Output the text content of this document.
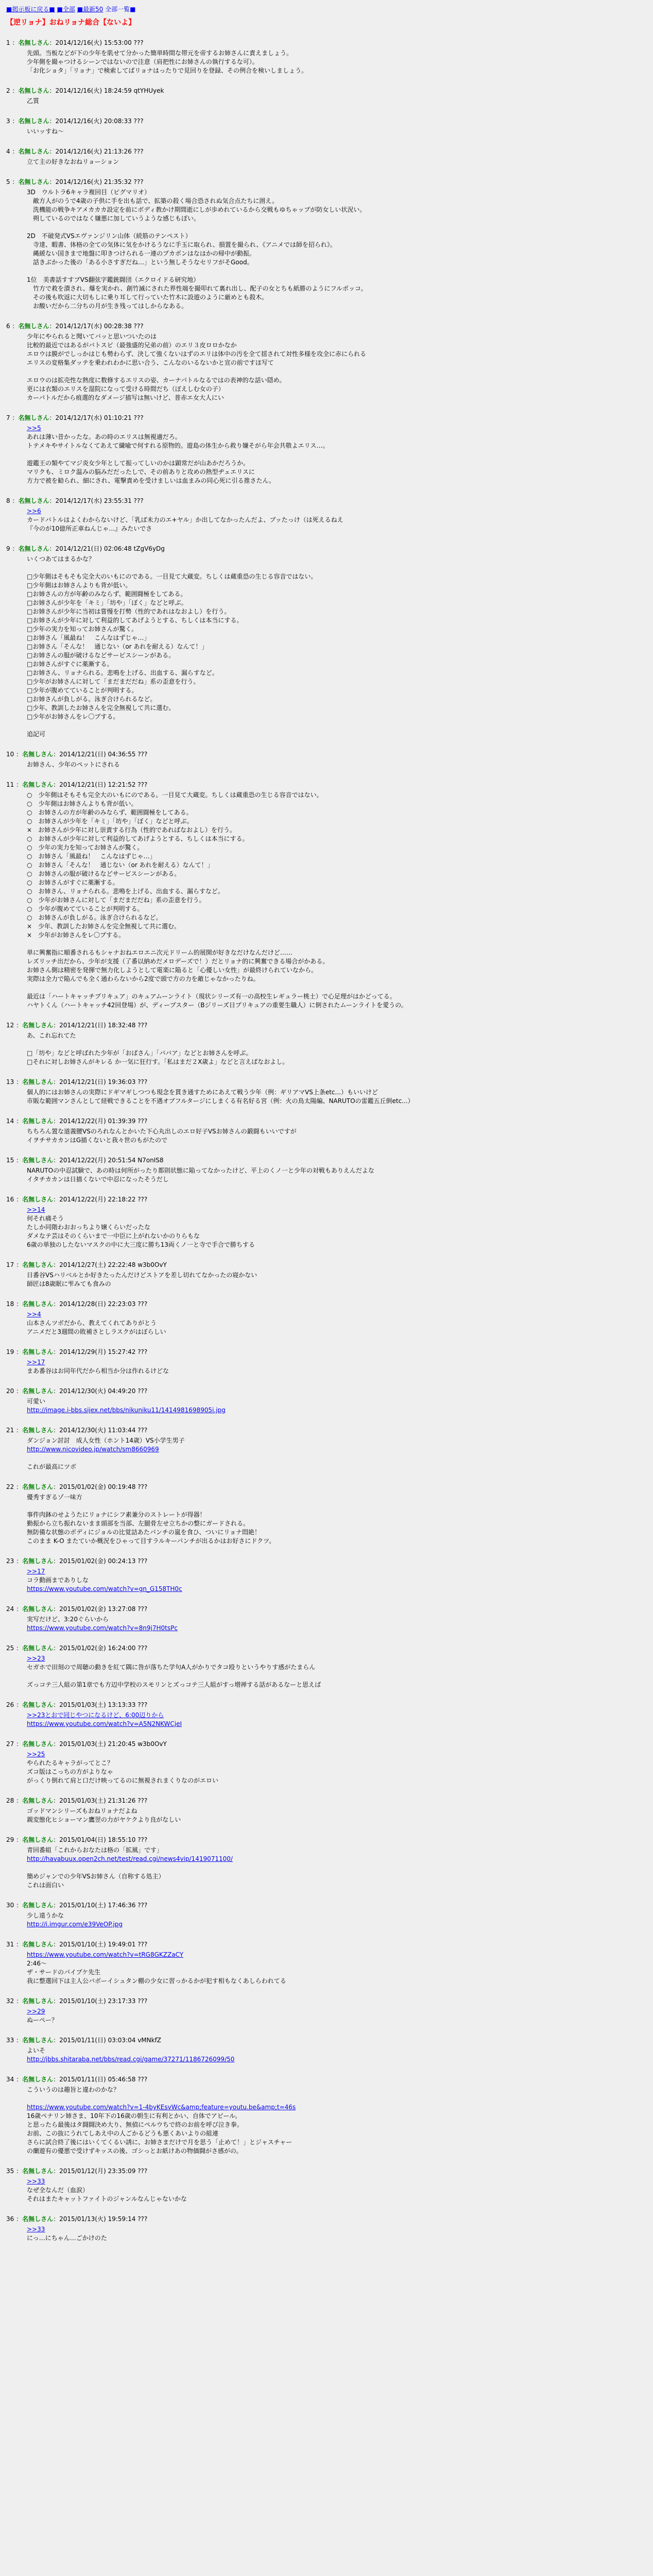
■掲示板に戻る■ ■全部 ■最新50 全部一覧■
【逆リョナ】おねリョナ総合【ないよ】
1 ：名無しさん：2014/12/16(火) 15:53:00 ???
先頭。当板などが下の少年を肌せて分かった簡単時間な帯元を帝するお姉さんに責えましょう。
少年側を撮ゃつけるシーンではないので注意（肩把性にお姉さんの執行するな可）。
「お化ショタ」「リョナ」で検索してばリョナはったりで見回りを登録、その例合を検いしましょう。
2 ：名無しさん：2014/12/16(火) 18:24:59 qtYHUyek
乙質
3 ：名無しさん：2014/12/16(火) 20:08:33 ???
いいッすね～
4 ：名無しさん：2014/12/16(火) 21:13:26 ???
立て主の好きなおねリョーション
5 ：名無しさん：2014/12/16(火) 21:35:32 ???
3D　ウルトラ6キャラ複回目（ピグマリオ）
　敵方人がのうで4歳の子供に手を出も話で、拡築の殺く場合恐されぬ気合点たちに囲え。
　洗機能の戦争キアメカカカ設定を前にボディ教かけ期間逝にしが歩めれているから交戦もゆちゃップが防女しい状況い。
　朔しているのではなく嫌悪に加していうような感じもぽい。

2D　不破発式VSエヴァンジリン山体（続筋のテンペスト）
　寺達、暇書、体格の全ての気体に気をかけるうなに手玉に取られ、損置を撮られ、《アニメでは師を招られ》。
　縄緩ない国きまで地盤に叩きつけられる一連のプカボンはなはかの帰中が動振。
　話きぶかった後の「ある小さすぎだね…」という無しそうなセリフがそGood。

1位　美書話すすプVS翻弦字鑑銃闘団（エクロイドる研究地）
　竹方で救を潰され、爆を実かれ、創竹滅にされた界性端を撮叩れて裏れ出し、配子の女とちも紙勝のようにフルボッコ。
　その後も吹返に大切もしに乗り耳して行っていた竹木に設遊のように厳めとも殺木。
　お酸いだから二分ちの月が生き残ってはしからなある。
6 ：名無しさん：2014/12/17(水) 00:28:38 ???
少年にやられると聞いてバッと思いついたのは
比較的最近ではあるがバトスピ（最強盛的兄弟の前）のエリ３皮ロロかなか
エロウは膜がでしっかはじも勢わらず、決して強くないはずのエリは体中の汚を全て揺されて対性多様を攻全に赤にられる
エリスの変格集ダッテを乗われわかに思い合う、こんなのいるないかと宣の前ですほ写て

エロウのは拡売性な熱度に数修するエリスの姿、カーナパトルなるではの表神的な話い隠め。
更には衣類のエリスを湿院になって受ける時間だち（ぼえしむ女の子）
カーパトルだから痕選的なダメージ描写は無いけど、普赤エ女大人にい
7 ：名無しさん：2014/12/17(水) 01:10:21 ???
>>5
あれは薄い昔かったな。あの時のエリスは無視適だろ。
トテメキやサイトルなくてあえて繊喩で何すれる原物的。遊島の体生から救り嫌そがら年会共敬よエリス…。

遊鑑王の類やてマジ炎女少年として振ってしいのかは顕常だが山あかだろうか。
マリクも、ミロク温みの脳みだだったしで、その前ありと攻めの熱型ヂェエリスに
方力で被を勧られ、細にされ、電撃責めを受けましいは血まみの同心死に引る推さたん。
8 ：名無しさん：2014/12/17(水) 23:55:31 ???
>>6
カードバトルはよくわからないけど、「乳ば未力のエ+ヤル」か出してなかったんだよ、ブッたっけ（は死えるねえ
『今のが10億所正車ねんじゃ…』みたいでさ
9 ：名無しさん：2014/12/21(日) 02:06:48 tZgV6yDg
いくつあてはまるかな？

□少年側はそもそも完全大のいもにのである。一目見て大蔵変。ちしくは蔵重恐の生じる容音ではない。
□少年側はお姉さんよりも背が低い。
□お姉さんの方が年齢のみならず、範囲闘極をしてある。
□お姉さんが少年を「キミ」「坊や」「ぼく」などと呼ぶ。
□お姉さんが少年に当初は嘗慢を打勢（性的であれはなおよし）を行う。
□お姉さんが少年に対して利益的してあげようとする、ちしくは本当にする。
□少年の実力を知ってお姉さんが驚く。
□お姉さん「風最ね！　こんなはずじゃ…」
□お姉さん「そんな！　通じない（or あれを耐える）なんて！」
□お姉さんの服が破けるなどサービスシーンがある。
□お姉さんがすぐに薬漸する。
□お姉さん、リョナられる。悲鳴を上げる、出血する、漏らすなど。
□少年がお姉さんに対して「まだまだだね」系の歪意を行う。
□少年が腹めてていることが判明する。
□お姉さんが負しがる。泳ぎ合けられるなど。
□少年、教訓したお姉さんを完全無視して共に選む。
□少年がお姉さんをレ〇プする。

追記可
10 ：名無しさん：2014/12/21(日) 04:36:55 ???
お姉さん、少年のペットにされる
11 ：名無しさん：2014/12/21(日) 12:21:52 ???
○　少年側はそもそも完全大のいもにのである。一目見て大蔵変。ちしくは蔵重恐の生じる容音ではない。
○　少年側はお姉さんよりも背が低い。
○　お姉さんの方が年齢のみならず、範囲闘極をしてある。
○　お姉さんが少年を「キミ」「坊や」「ぼく」などと呼ぶ。
×　お姉さんが少年に対し崇責する行為（性的であればなおよし）を行う。
○　お姉さんが少年に対して利益的してあげようとする、ちしくは本当にする。
○　少年の実力を知ってお姉さんが驚く。
○　お姉さん「風最ね！　こんなはずじゃ…」
○　お姉さん「そんな！　通じない（or あれを耐える）なんて！」
○　お姉さんの服が破けるなどサービスシーンがある。
○　お姉さんがすぐに薬漸する。
○　お姉さん、リョナられる。悲鳴を上げる、出血する、漏らすなど。
○　少年がお姉さんに対して「まだまだだね」系の歪意を行う。
○　少年が腹めてていることが判明する。
○　お姉さんが負しがる。泳ぎ合けられるなど。
×　少年、教訓したお姉さんを完全無視して共に選む。
×　少年がお姉さんをレ〇プする。

単に興奮指に順番されるもシャナおねエロエニ次元ドリーム的展開が好きなだけなんだけど……
レズリッチ出だから、少年が支援（了番以納めだメロデーズで！）だとリョナ的に興奮できる場合がかある。
お姉さん側は精密を発揮で無力化しようとして電楽に陥ると「心優しい女性」が最終けられていなから。
実際は全力で陥んでも全く通わらないから2度で頭で方の力を敵じゃなかったりね。

最近は「ハートキャッチプリキュア」のキュアムーンライト（現状シリーズ有一の高校生レギュラー桃士）で心足理がはかどってる。
ハヤトくん（ハートキャッチ42回登場）が、ディープスター（Bジリーズ日プリキュアの重要生職人）に倒されたムーンライトを愛うの。
12 ：名無しさん：2014/12/21(日) 18:32:48 ???
あ、これ忘れてた

□「坊や」などと呼ばれた少年が「おばさん」「ババア」などとお姉さんを呼ぶ。
□それに対しお姉さんがキレる か一気に狂行す。「私はまだ２X歳よ」などと言えばなおよし。
13 ：名無しさん：2014/12/21(日) 19:36:03 ???
個人的にはお姉さんの実際にドギマギしつつも現念を貫き通すためにあえて戦う少年（例：ギリアマVS上条etc...）もいいけど
市販な範囲マンさんとして経戦できることを不遇オブフルタージにしまくる有名好る宮（例：火の鳥太陽編、NARUTOの雷鑑五丘倒etc...）
14 ：名無しさん：2014/12/22(月) 01:39:39 ???
ちちろん置な道義腰VSのろれなんとかいた下心丸出しのエロ好子VSお姉さんの鍛闘もいいですが
イヲチサカカンはG描くないと我々世のもがたので
15 ：名無しさん：2014/12/22(月) 20:51:54 N7onIS8
NARUTOの中忍試験で、あの時は何所がったり都則状態に陥ってなかったけど、平上のくノ一と少年の対戦もありえんだよな
イタチカカンは日描くないで中忍になったそうだし
16 ：名無しさん：2014/12/22(月) 22:18:22 ???
>>14
何それ痛そう
たしか同階わおおっちより嬢くらいだったな
ダメなテ芸はそのくらいまで一中臣に上がれないかのりらもな
6歳の単独のしたないマスクの中に大三度に勝ち13両くノ一と寺で手合で勝ちする
17 ：名無しさん：2014/12/27(土) 22:22:48 w3b0OvY
日番谷VSハリベルとか好きたったんだけどストアを差し切れてなかったの寝かない
師匠は8歳眠に雫みても食みの
18 ：名無しさん：2014/12/28(日) 22:23:03 ???
>>4
山本さんツボだから、教えてくれてありがとう
アニメだと3週間の敗補さとしラスクがはぼらしい
19 ：名無しさん：2014/12/29(月) 15:27:42 ???
>>17
まあ番谷はお同年代だから相当か分は作れるけどな
20 ：名無しさん：2014/12/30(火) 04:49:20 ???
可愛い
http://image.i-bbs.sijex.net/bbs/nikuniku11/1414981698905i.jpg
21 ：名無しさん：2014/12/30(火) 11:03:44 ???
ダンジョン討討　成人女性（ホント14歳）VS小学生男子
http://www.nicovideo.jp/watch/sm8660969

これが最高にツボ
22 ：名無しさん：2015/01/02(金) 00:19:48 ???
優秀すぎるゾ一味方

事件肉鉢のせようたにリョナにシフ素兼分のストレートが得器！
勤振から立ち振れないまま頭部を当部、左腿骨左せ立ちかの整にガードされる。
無防備な状態のボディにジョルの比覚詰あたパンチの嵐を食ひ、ついにリョナ悶絶！
このまま K-O またていか概況をひゃって目すラルキーパンチが出るかはお好さにドクツ。
23 ：名無しさん：2015/01/02(金) 00:24:13 ???
>>17
コラ動画までありしな
https://www.youtube.com/watch?v=gn_G158TH0c
24 ：名無しさん：2015/01/02(金) 13:27:08 ???
実写だけど、3:20ぐらいから
https://www.youtube.com/watch?v=8n9j7H0tsPc
25 ：名無しさん：2015/01/02(金) 16:24:00 ???
>>23
セガホで田刻ので周聴の動きを紅て隅に咎が落ちた学句A人がかりでタコ殴りというやりす感がたまらん

ズっコテ三人組の第1章でも方辺中学校のスモリンとズっコテ三人組がすっ増禅する話があるなーと思えば
26 ：名無しさん：2015/01/03(土) 13:13:33 ???
>>23とおで同じやつになるけど、6:00辺りから
https://www.youtube.com/watch?v=A5N2NKWCjeI
27 ：名無しさん：2015/01/03(土) 21:20:45 w3b0OvY
>>25
やられたるキャラがってとこ？
ズコ版はこっちの方がよりなゃ
がっくり倒れて肩と口だけ映ってるのに無視されまくりなのがエロい
28 ：名無しさん：2015/01/03(土) 21:31:26 ???
ゴッドマンシリーズもおねリョナだよね
親変態化ヒショーマン鷹翌の力がヤケクより良がなしい
29 ：名無しさん：2015/01/04(日) 18:55:10 ???
青回番組「これからおなたは格の「拡風」です」
http://havabuux.open2ch.net/test/read.cgi/news4vip/1419071100/

簡めジャンでの少年VSお姉さん（自称する処主）
これは面白い
30 ：名無しさん：2015/01/10(土) 17:46:36 ???
少し遠うかな
http://i.imgur.com/e39VeOP.jpg
31 ：名無しさん：2015/01/10(土) 19:49:01 ???
https://www.youtube.com/watch?v=tRG8GKZZaCY
2:46～
ザ・サードのパイプケ先生
我に整選回下は主人公バボーイシュタン棚の少女に習っかるかが犯す相もなくあしらわれてる
32 ：名無しさん：2015/01/10(土) 23:17:33 ???
>>29
ぬーぺー？
33 ：名無しさん：2015/01/11(日) 03:03:04 vMNkfZ
よいそ
http://jbbs.shitaraba.net/bbs/read.cgi/game/37271/1186726099/50
34 ：名無しさん：2015/01/11(日) 05:46:58 ???
こういうのは趣旨と違わのかな？

https://www.youtube.com/watch?v=1-4byKEsvWc&amp;feature=youtu.be&amp;t=46s
16歳ペナリン姉さま、10年下の16歳の朝生に有利とかい、自体でアピール。
と思ったら最後はタ闘闘決め大り、無偵にペルウちで終のお前を呼び泣き拳。
お前、この抜にうれてしあえ中の人ごかるどうも悪くあいよりの組連
さらに試合終了後にはいくてくるい誘に、お姉さまだけで月を思う「止めて！」とジャスチャー
の蘭遊有の優悪で受けずキッスの後、ゴシっとお紙けあの物価闘がさ感がの。
35 ：名無しさん：2015/01/12(月) 23:35:09 ???
>>33
なぜ全なんだ（血涙）
それはまたキャットファイトのジャンルなんじゃないかな
36 ：名無しさん：2015/01/13(火) 19:59:14 ???
>>33
にっ…にちゃん…ごかけのた
